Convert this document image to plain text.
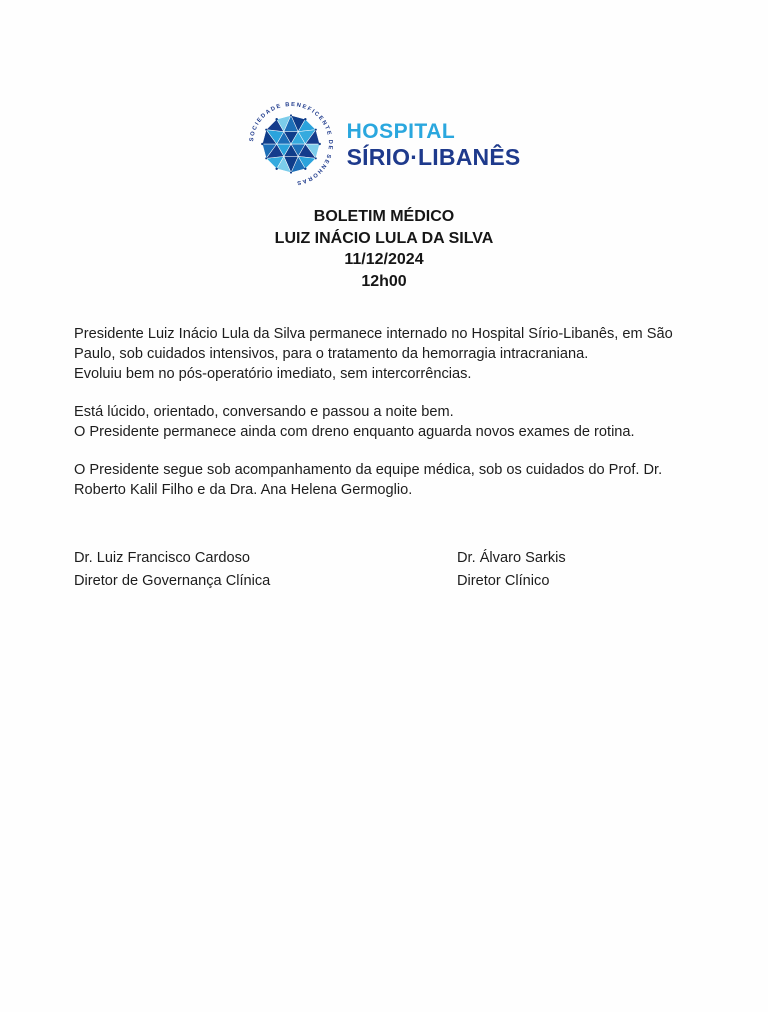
SOCIEDADE BENEFICENTE DE SENHORAS
HOSPITAL
SÍRIO·LIBANÊS
BOLETIM MÉDICO
LUIZ INÁCIO LULA DA SILVA
11/12/2024
12h00
Presidente Luiz Inácio Lula da Silva permanece internado no Hospital Sírio-Libanês, em São
Paulo, sob cuidados intensivos, para o tratamento da hemorragia intracraniana.
Evoluiu bem no pós-operatório imediato, sem intercorrências.
Está lúcido, orientado, conversando e passou a noite bem.
O Presidente permanece ainda com dreno enquanto aguarda novos exames de rotina.
O Presidente segue sob acompanhamento da equipe médica, sob os cuidados do Prof. Dr.
Roberto Kalil Filho e da Dra. Ana Helena Germoglio.
Dr. Luiz Francisco Cardoso
Diretor de Governança Clínica
Dr. Álvaro Sarkis
Diretor Clínico
